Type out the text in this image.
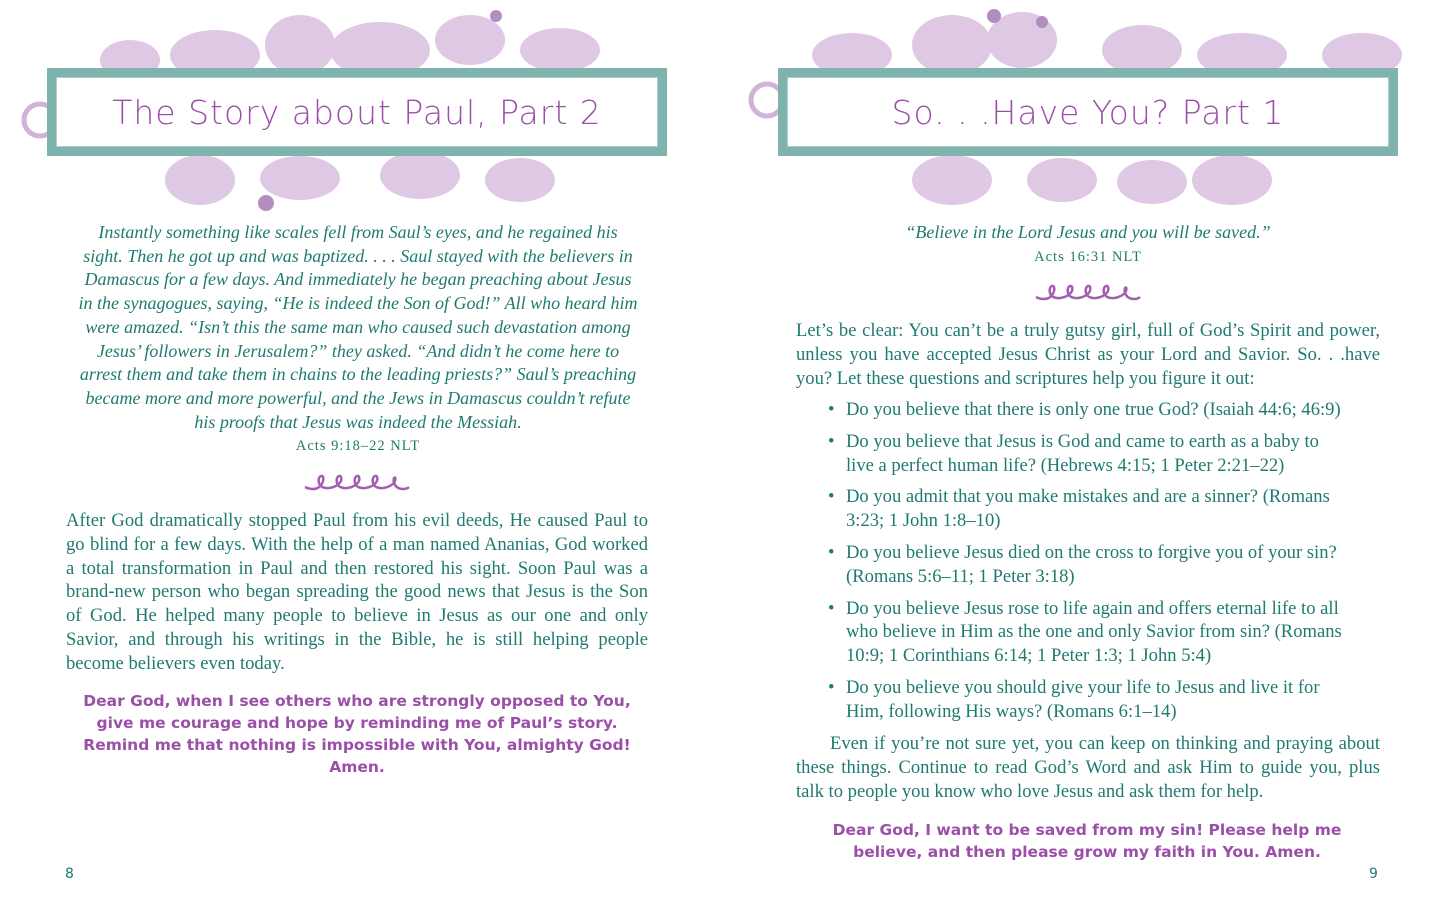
The Story about Paul, Part 2
Instantly something like scales fell from Saul’s eyes, and he regained his sight. Then he got up and was baptized. . . . Saul stayed with the believers in Damascus for a few days. And immediately he began preaching about Jesus in the synagogues, saying, “He is indeed the Son of God!” All who heard him were amazed. “Isn’t this the same man who caused such devastation among Jesus’ followers in Jerusalem?” they asked. “And didn’t he come here to arrest them and take them in chains to the leading priests?” Saul’s preaching became more and more powerful, and the Jews in Damascus couldn’t refute his proofs that Jesus was indeed the Messiah.
Acts 9:18–22 NLT
After God dramatically stopped Paul from his evil deeds, He caused Paul to go blind for a few days. With the help of a man named Ananias, God worked a total transformation in Paul and then restored his sight. Soon Paul was a brand-new person who began spreading the good news that Jesus is the Son of God. He helped many people to believe in Jesus as our one and only Savior, and through his writings in the Bible, he is still helping people become believers even today.
Dear God, when I see others who are strongly opposed to You, give me courage and hope by reminding me of Paul’s story. Remind me that nothing is impossible with You, almighty God! Amen.
8
So. . .Have You? Part 1
“Believe in the Lord Jesus and you will be saved.”
Acts 16:31 NLT
Let’s be clear: You can’t be a truly gutsy girl, full of God’s Spirit and power, unless you have accepted Jesus Christ as your Lord and Savior. So. . .have you? Let these questions and scriptures help you figure it out:
• Do you believe that there is only one true God? (Isaiah 44:6; 46:9)
• Do you believe that Jesus is God and came to earth as a baby to live a perfect human life? (Hebrews 4:15; 1 Peter 2:21–22)
• Do you admit that you make mistakes and are a sinner? (Romans 3:23; 1 John 1:8–10)
• Do you believe Jesus died on the cross to forgive you of your sin? (Romans 5:6–11; 1 Peter 3:18)
• Do you believe Jesus rose to life again and offers eternal life to all who believe in Him as the one and only Savior from sin? (Romans 10:9; 1 Corinthians 6:14; 1 Peter 1:3; 1 John 5:4)
• Do you believe you should give your life to Jesus and live it for Him, following His ways? (Romans 6:1–14)
Even if you’re not sure yet, you can keep on thinking and praying about these things. Continue to read God’s Word and ask Him to guide you, plus talk to people you know who love Jesus and ask them for help.
Dear God, I want to be saved from my sin! Please help me believe, and then please grow my faith in You. Amen.
9
